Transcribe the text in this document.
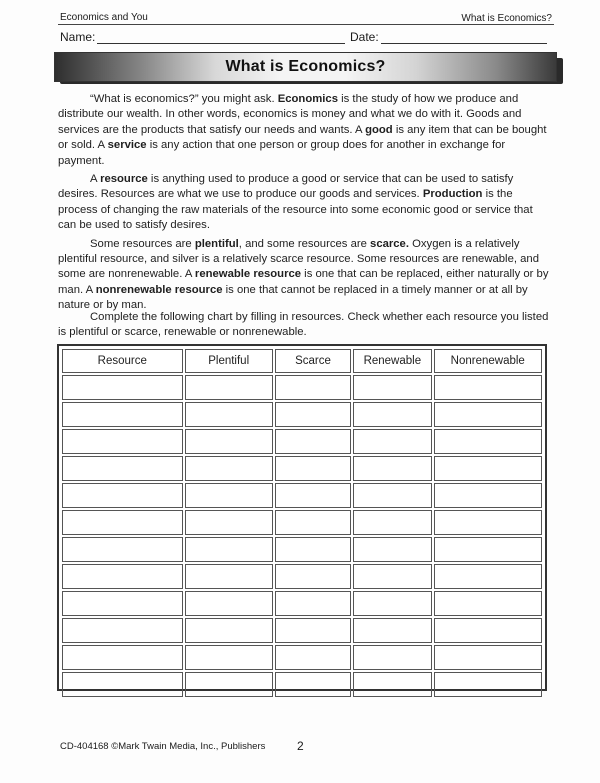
Economics and You	What is Economics?
Name:	Date:
What is Economics?

“What is economics?” you might ask. Economics is the study of how we produce and distribute our wealth. In other words, economics is money and what we do with it. Goods and services are the products that satisfy our needs and wants. A good is any item that can be bought or sold. A service is any action that one person or group does for another in exchange for payment.

A resource is anything used to produce a good or service that can be used to satisfy desires. Resources are what we use to produce our goods and services. Production is the process of changing the raw materials of the resource into some economic good or service that can be used to satisfy desires.

Some resources are plentiful, and some resources are scarce. Oxygen is a relatively plentiful resource, and silver is a relatively scarce resource. Some resources are renewable, and some are nonrenewable. A renewable resource is one that can be replaced, either naturally or by man. A nonrenewable resource is one that cannot be replaced in a timely manner or at all by nature or by man.

Complete the following chart by filling in resources. Check whether each resource you listed is plentiful or scarce, renewable or nonrenewable.
Resource	Plentiful	Scarce	Renewable	Nonrenewable

CD-404168 ©Mark Twain Media, Inc., Publishers	2
